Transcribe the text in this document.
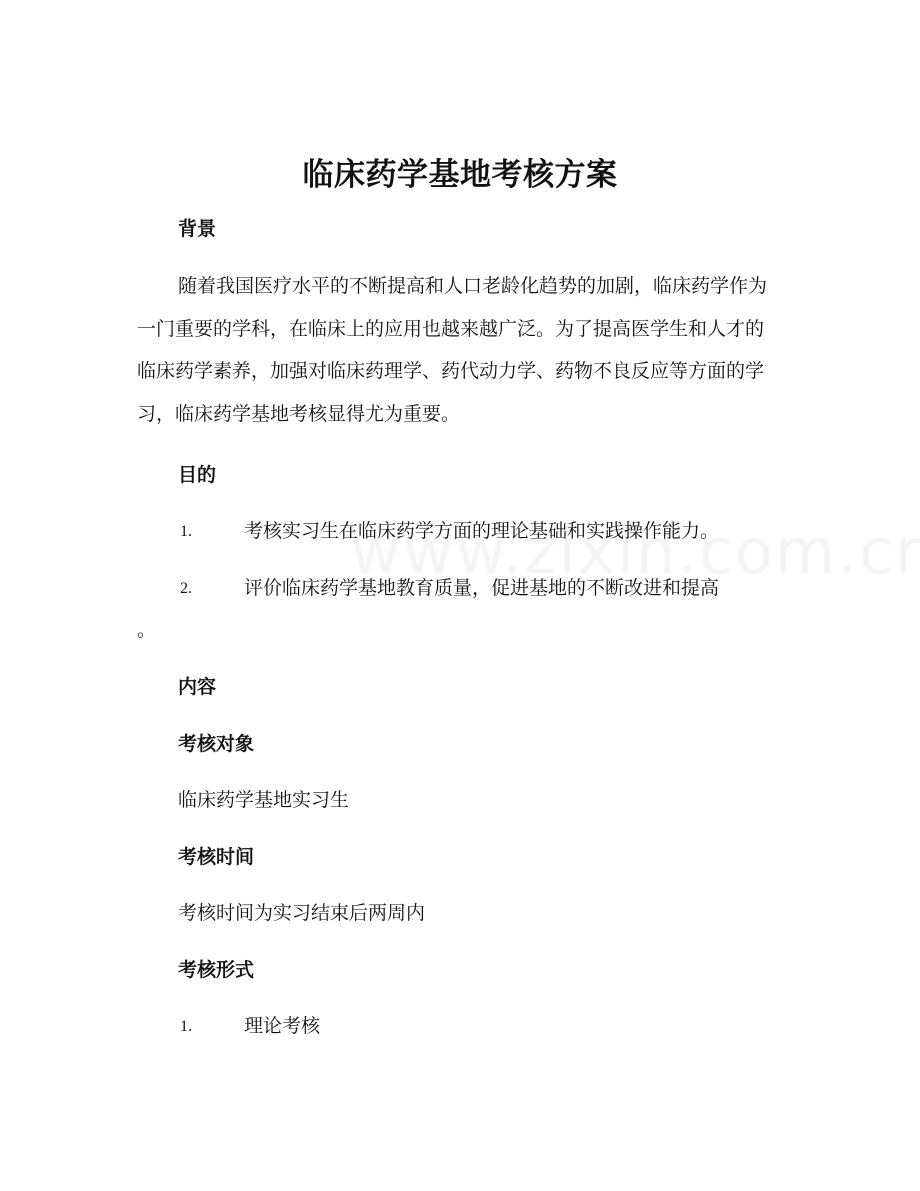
临床药学基地考核方案
背景

随着我国医疗水平的不断提高和人口老龄化趋势的加剧，临床药学作为一门重要的学科，在临床上的应用也越来越广泛。为了提高医学生和人才的临床药学素养，加强对临床药理学、药代动力学、药物不良反应等方面的学习，临床药学基地考核显得尤为重要。

目的
1.	考核实习生在临床药学方面的理论基础和实践操作能力。
2.	评价临床药学基地教育质量，促进基地的不断改进和提高
。
内容
考核对象
临床药学基地实习生
考核时间
考核时间为实习结束后两周内
考核形式
1.	理论考核
